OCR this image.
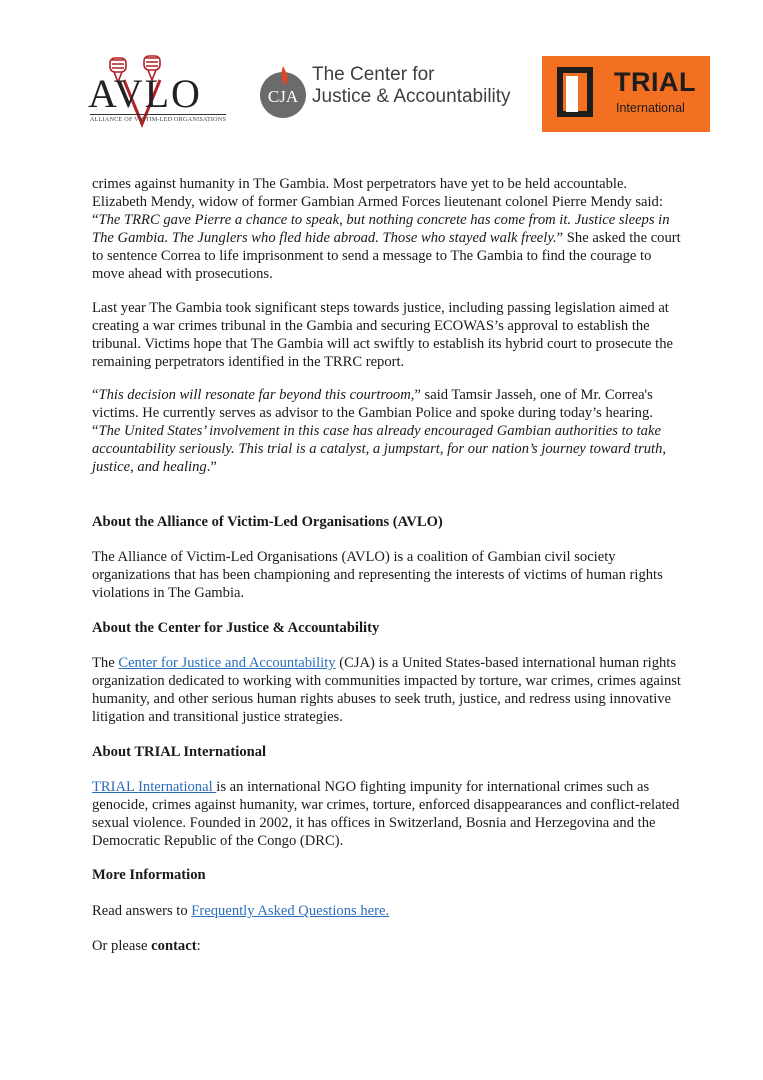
AVLO
ALLIANCE OF VICTIM-LED ORGANISATIONS
CJA
The Center for
Justice & Accountability	TRIAL
International

crimes against humanity in The Gambia. Most perpetrators have yet to be held accountable. Elizabeth Mendy, widow of former Gambian Armed Forces lieutenant colonel Pierre Mendy said: “The TRRC gave Pierre a chance to speak, but nothing concrete has come from it. Justice sleeps in The Gambia. The Junglers who fled hide abroad. Those who stayed walk freely.” She asked the court to sentence Correa to life imprisonment to send a message to The Gambia to find the courage to move ahead with prosecutions.

Last year The Gambia took significant steps towards justice, including passing legislation aimed at creating a war crimes tribunal in the Gambia and securing ECOWAS’s approval to establish the tribunal. Victims hope that The Gambia will act swiftly to establish its hybrid court to prosecute the remaining perpetrators identified in the TRRC report.

“This decision will resonate far beyond this courtroom,” said Tamsir Jasseh, one of Mr. Correa's victims. He currently serves as advisor to the Gambian Police and spoke during today’s hearing. “The United States’ involvement in this case has already encouraged Gambian authorities to take accountability seriously. This trial is a catalyst, a jumpstart, for our nation’s journey toward truth, justice, and healing.”

About the Alliance of Victim-Led Organisations (AVLO)

The Alliance of Victim-Led Organisations (AVLO) is a coalition of Gambian civil society organizations that has been championing and representing the interests of victims of human rights violations in The Gambia.

About the Center for Justice & Accountability

The Center for Justice and Accountability (CJA) is a United States-based international human rights organization dedicated to working with communities impacted by torture, war crimes, crimes against humanity, and other serious human rights abuses to seek truth, justice, and redress using innovative litigation and transitional justice strategies.

About TRIAL International

TRIAL International is an international NGO fighting impunity for international crimes such as genocide, crimes against humanity, war crimes, torture, enforced disappearances and conflict-related sexual violence. Founded in 2002, it has offices in Switzerland, Bosnia and Herzegovina and the Democratic Republic of the Congo (DRC).

More Information

Read answers to Frequently Asked Questions here.

Or please contact:
